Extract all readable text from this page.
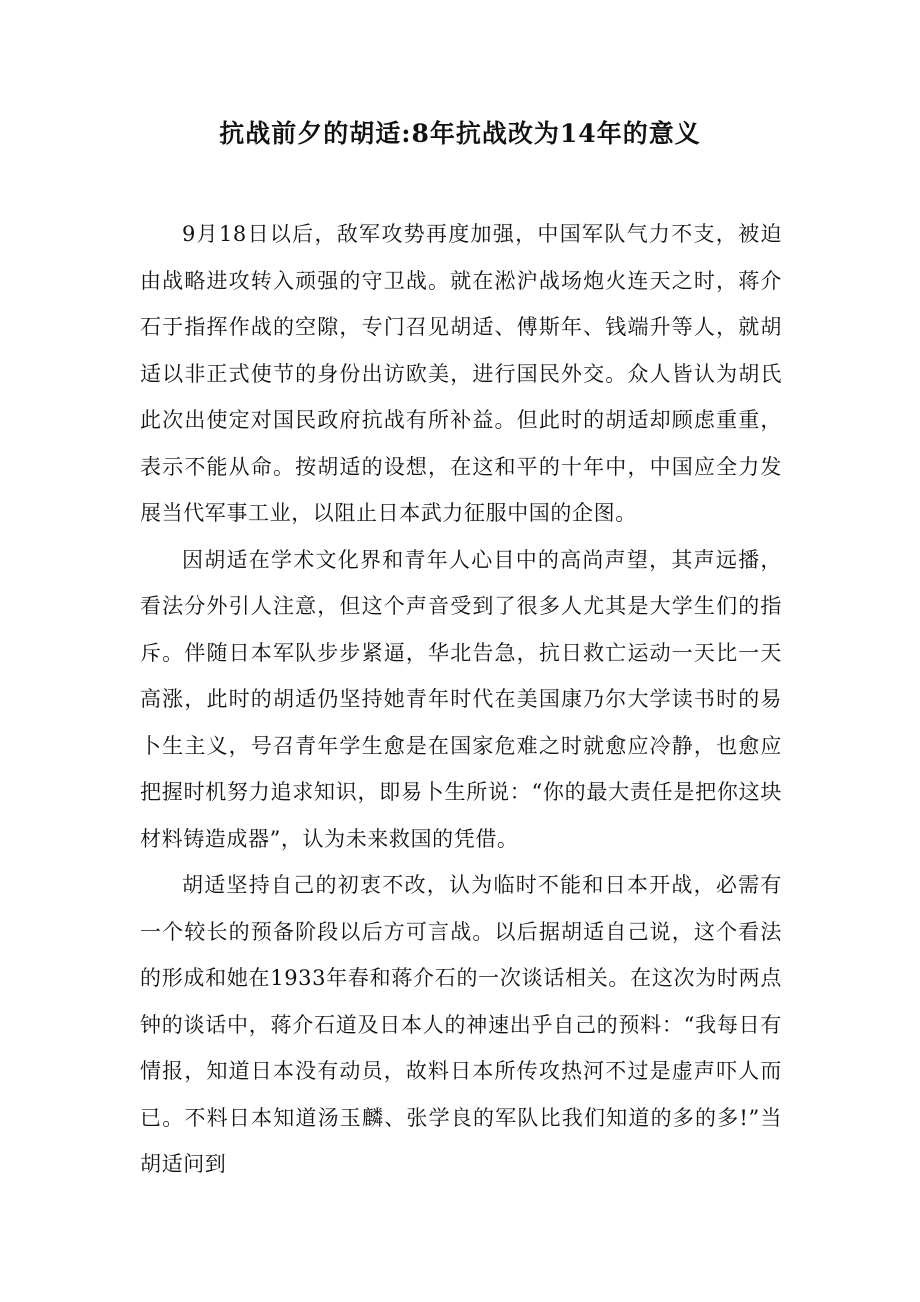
抗战前夕的胡适:8年抗战改为14年的意义

9月18日以后，敌军攻势再度加强，中国军队气力不支，被迫由战略进攻转入顽强的守卫战。就在淞沪战场炮火连天之时，蒋介石于指挥作战的空隙，专门召见胡适、傅斯年、钱端升等人，就胡适以非正式使节的身份出访欧美，进行国民外交。众人皆认为胡氏此次出使定对国民政府抗战有所补益。但此时的胡适却顾虑重重，表示不能从命。按胡适的设想，在这和平的十年中，中国应全力发展当代军事工业，以阻止日本武力征服中国的企图。

因胡适在学术文化界和青年人心目中的高尚声望，其声远播，看法分外引人注意，但这个声音受到了很多人尤其是大学生们的指斥。伴随日本军队步步紧逼，华北告急，抗日救亡运动一天比一天高涨，此时的胡适仍坚持她青年时代在美国康乃尔大学读书时的易卜生主义，号召青年学生愈是在国家危难之时就愈应冷静，也愈应把握时机努力追求知识，即易卜生所说：“你的最大责任是把你这块材料铸造成器”，认为未来救国的凭借。

胡适坚持自己的初衷不改，认为临时不能和日本开战，必需有一个较长的预备阶段以后方可言战。以后据胡适自己说，这个看法的形成和她在1933年春和蒋介石的一次谈话相关。在这次为时两点钟的谈话中，蒋介石道及日本人的神速出乎自己的预料：“我每日有情报，知道日本没有动员，故料日本所传攻热河不过是虚声吓人而已。不料日本知道汤玉麟、张学良的军队比我们知道的多的多!”当胡适问到
